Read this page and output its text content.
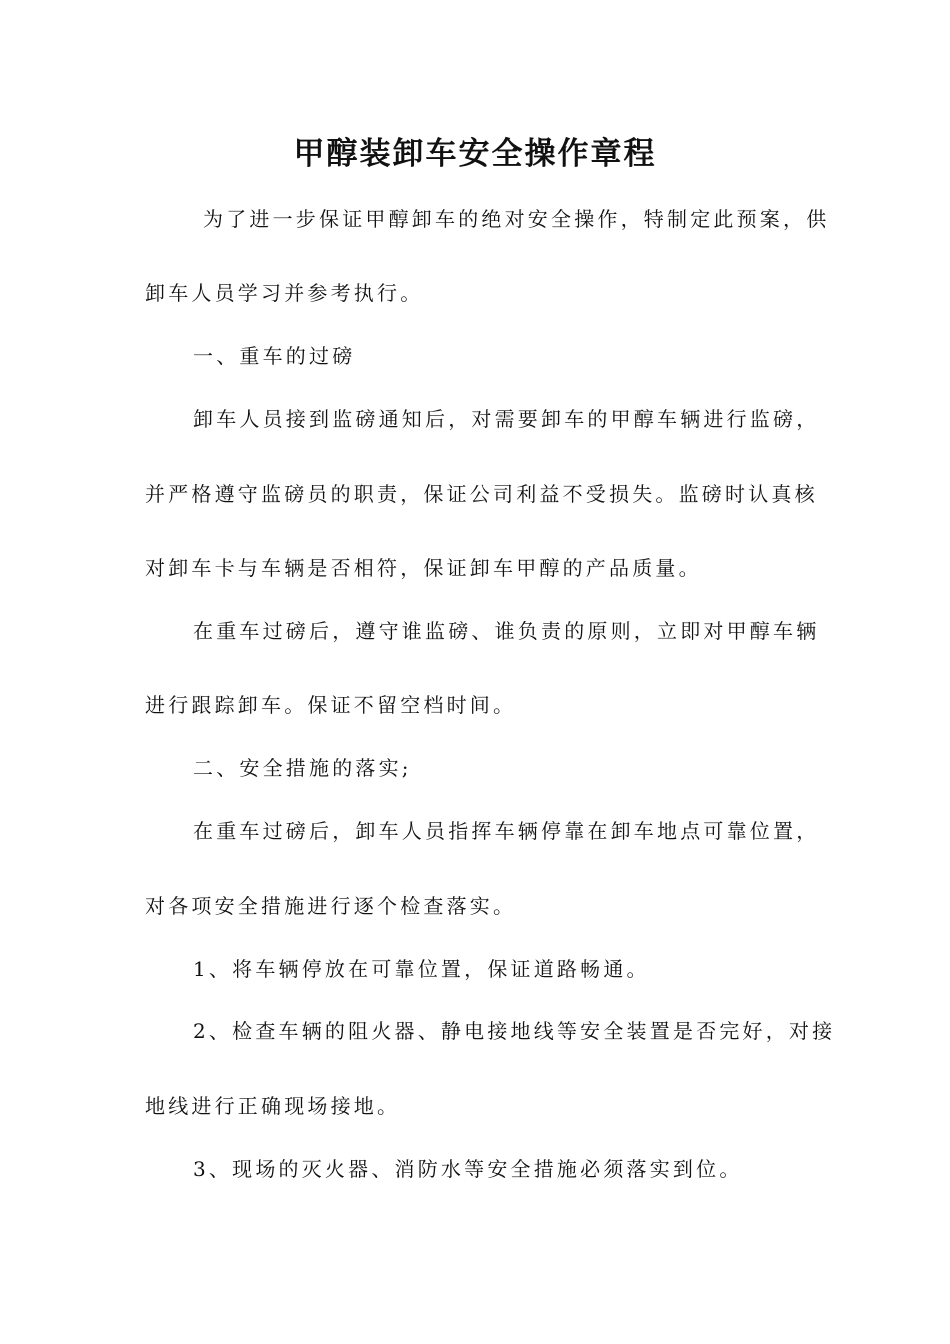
甲醇装卸车安全操作章程
为了进一步保证甲醇卸车的绝对安全操作，特制定此预案，供
卸车人员学习并参考执行。
一、重车的过磅
卸车人员接到监磅通知后，对需要卸车的甲醇车辆进行监磅，
并严格遵守监磅员的职责，保证公司利益不受损失。监磅时认真核
对卸车卡与车辆是否相符，保证卸车甲醇的产品质量。
在重车过磅后，遵守谁监磅、谁负责的原则，立即对甲醇车辆
进行跟踪卸车。保证不留空档时间。
二、安全措施的落实;
在重车过磅后，卸车人员指挥车辆停靠在卸车地点可靠位置，
对各项安全措施进行逐个检查落实。
1、将车辆停放在可靠位置，保证道路畅通。
2、检查车辆的阻火器、静电接地线等安全装置是否完好，对接
地线进行正确现场接地。
3、现场的灭火器、消防水等安全措施必须落实到位。
